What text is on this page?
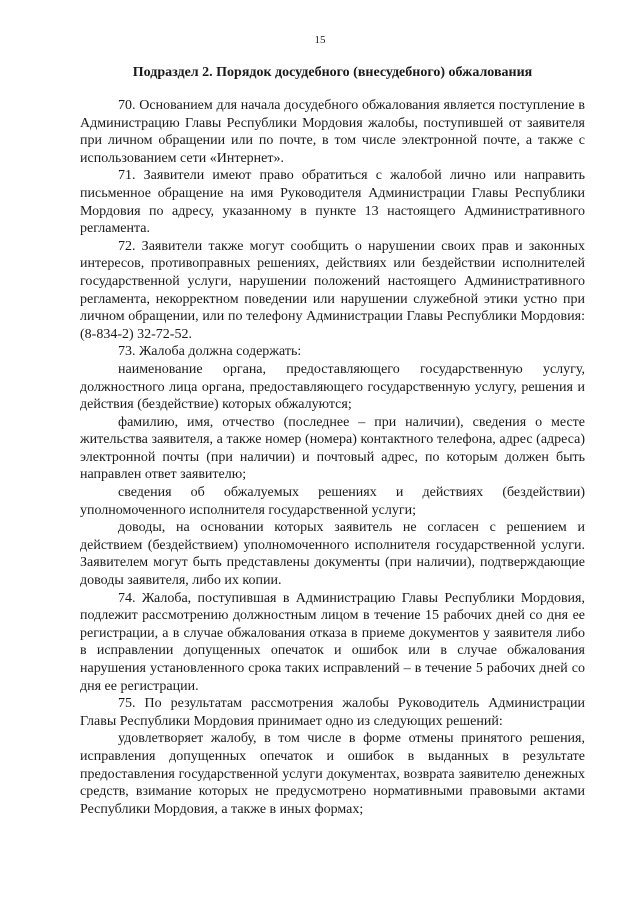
15
Подраздел 2. Порядок досудебного (внесудебного) обжалования

70. Основанием для начала досудебного обжалования является поступление в Администрацию Главы Республики Мордовия жалобы, поступившей от заявителя при личном обращении или по почте, в том числе электронной почте, а также с использованием сети «Интернет».

71. Заявители имеют право обратиться с жалобой лично или направить письменное обращение на имя Руководителя Администрации Главы Республики Мордовия по адресу, указанному в пункте 13 настоящего Административного регламента.

72. Заявители также могут сообщить о нарушении своих прав и законных интересов, противоправных решениях, действиях или бездействии исполнителей государственной услуги, нарушении положений настоящего Административного регламента, некорректном поведении или нарушении служебной этики устно при личном обращении, или по телефону Администрации Главы Республики Мордовия: (8-834-2) 32-72-52.

73. Жалоба должна содержать:

наименование органа, предоставляющего государственную услугу, должностного лица органа, предоставляющего государственную услугу, решения и действия (бездействие) которых обжалуются;

фамилию, имя, отчество (последнее – при наличии), сведения о месте жительства заявителя, а также номер (номера) контактного телефона, адрес (адреса) электронной почты (при наличии) и почтовый адрес, по которым должен быть направлен ответ заявителю;

сведения об обжалуемых решениях и действиях (бездействии) уполномоченного исполнителя государственной услуги;

доводы, на основании которых заявитель не согласен с решением и действием (бездействием) уполномоченного исполнителя государственной услуги. Заявителем могут быть представлены документы (при наличии), подтверждающие доводы заявителя, либо их копии.

74. Жалоба, поступившая в Администрацию Главы Республики Мордовия, подлежит рассмотрению должностным лицом в течение 15 рабочих дней со дня ее регистрации, а в случае обжалования отказа в приеме документов у заявителя либо в исправлении допущенных опечаток и ошибок или в случае обжалования нарушения установленного срока таких исправлений – в течение 5 рабочих дней со дня ее регистрации.

75. По результатам рассмотрения жалобы Руководитель Администрации Главы Республики Мордовия принимает одно из следующих решений:

удовлетворяет жалобу, в том числе в форме отмены принятого решения, исправления допущенных опечаток и ошибок в выданных в результате предоставления государственной услуги документах, возврата заявителю денежных средств, взимание которых не предусмотрено нормативными правовыми актами Республики Мордовия, а также в иных формах;
